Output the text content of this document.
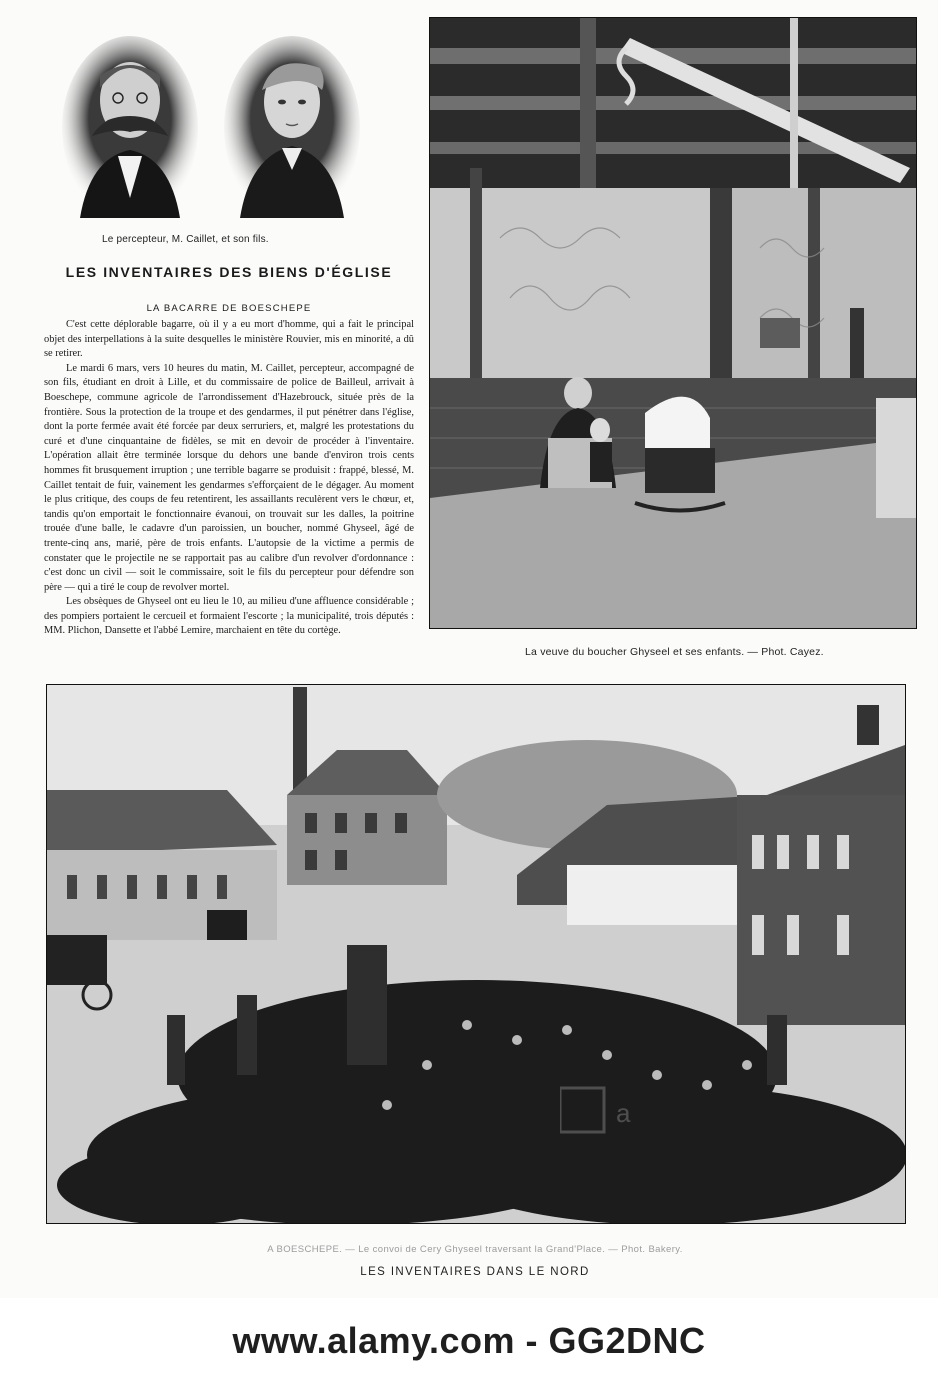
Le percepteur, M. Caillet, et son fils.
LES INVENTAIRES DES BIENS D'ÉGLISE
LA BACARRE DE BOESCHEPE

C'est cette déplorable bagarre, où il y a eu mort d'homme, qui a fait le principal objet des interpellations à la suite desquelles le ministère Rouvier, mis en minorité, a dû se retirer.

Le mardi 6 mars, vers 10 heures du matin, M. Caillet, percepteur, accompagné de son fils, étudiant en droit à Lille, et du commissaire de police de Bailleul, arrivait à Boeschepe, commune agricole de l'arrondissement d'Hazebrouck, située près de la frontière. Sous la protection de la troupe et des gendarmes, il put pénétrer dans l'église, dont la porte fermée avait été forcée par deux serruriers, et, malgré les protestations du curé et d'une cinquantaine de fidèles, se mit en devoir de procéder à l'inventaire. L'opération allait être terminée lorsque du dehors une bande d'environ trois cents hommes fit brusquement irruption ; une terrible bagarre se produisit : frappé, blessé, M. Caillet tentait de fuir, vainement les gendarmes s'efforçaient de le dégager. Au moment le plus critique, des coups de feu retentirent, les assaillants reculèrent vers le chœur, et, tandis qu'on emportait le fonctionnaire évanoui, on trouvait sur les dalles, la poitrine trouée d'une balle, le cadavre d'un paroissien, un boucher, nommé Ghyseel, âgé de trente-cinq ans, marié, père de trois enfants. L'autopsie de la victime a permis de constater que le projectile ne se rapportait pas au calibre d'un revolver d'ordonnance : c'est donc un civil — soit le commissaire, soit le fils du percepteur pour défendre son père — qui a tiré le coup de revolver mortel.

Les obsèques de Ghyseel ont eu lieu le 10, au milieu d'une affluence considérable ; des pompiers portaient le cercueil et formaient l'escorte ; la municipalité, trois députés : MM. Plichon, Dansette et l'abbé Lemire, marchaient en tête du cortège.

La veuve du boucher Ghyseel et ses enfants. — Phot. Cayez.
A BOESCHEPE. — Le convoi de Cery Ghyseel traversant la Grand'Place. — Phot. Bakery.
LES INVENTAIRES DANS LE NORD
a
www.alamy.com - GG2DNC
